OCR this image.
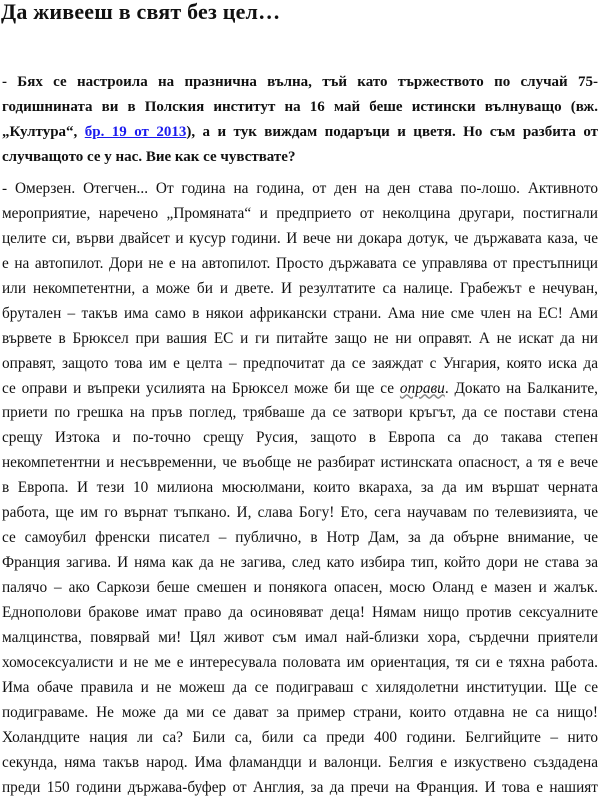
Да живееш в свят без цел…
- Бях се настроила на празнична вълна, тъй като тържеството по случай 75-
годишнината ви в Полския институт на 16 май беше истински вълнуващо (вж.
„Култура“, бр. 19 от 2013), а и тук виждам подаръци и цветя. Но съм разбита от
случващото се у нас. Вие как се чувствате?
- Омерзен. Отегчен... От година на година, от ден на ден става по-лошо. Активното
мероприятие, наречено „Промяната“ и предприето от неколцина другари, постигнали
целите си, върви двайсет и кусур години. И вече ни докара дотук, че държавата каза, че
е на автопилот. Дори не е на автопилот. Просто държавата се управлява от престъпници
или некомпетентни, а може би и двете. И резултатите са налице. Грабежът е нечуван,
брутален – такъв има само в някои африкански страни. Ама ние сме член на ЕС! Ами
вървете в Брюксел при вашия ЕС и ги питайте защо не ни оправят. А не искат да ни
оправят, защото това им е целта – предпочитат да се заяждат с Унгария, която иска да
се оправи и въпреки усилията на Брюксел може би ще се оправи. Докато на Балканите,
приети по грешка на пръв поглед, трябваше да се затвори кръгът, да се постави стена
срещу Изтока и по-точно срещу Русия, защото в Европа са до такава степен
некомпетентни и несъвременни, че въобще не разбират истинската опасност, а тя е вече
в Европа. И тези 10 милиона мюсюлмани, които вкараха, за да им вършат черната
работа, ще им го върнат тъпкано. И, слава Богу! Ето, сега научавам по телевизията, че
се самоубил френски писател – публично, в Нотр Дам, за да обърне внимание, че
Франция загива. И няма как да не загива, след като избира тип, който дори не става за
палячо – ако Саркози беше смешен и понякога опасен, мосю Оланд е мазен и жалък.
Еднополови бракове имат право да осиновяват деца! Нямам нищо против сексуалните
малцинства, повярвай ми! Цял живот съм имал най-близки хора, сърдечни приятели
хомосексуалисти и не ме е интересувала половата им ориентация, тя си е тяхна работа.
Има обаче правила и не можеш да се подиграваш с хилядолетни институции. Ще се
подиграваме. Не може да ми се дават за пример страни, които отдавна не са нищо!
Холандците нация ли са? Били са, били са преди 400 години. Белгийците – нито
секунда, няма такъв народ. Има фламандци и валонци. Белгия е изкуствено създадена
преди 150 години държава-буфер от Англия, за да пречи на Франция. И това е нашият
